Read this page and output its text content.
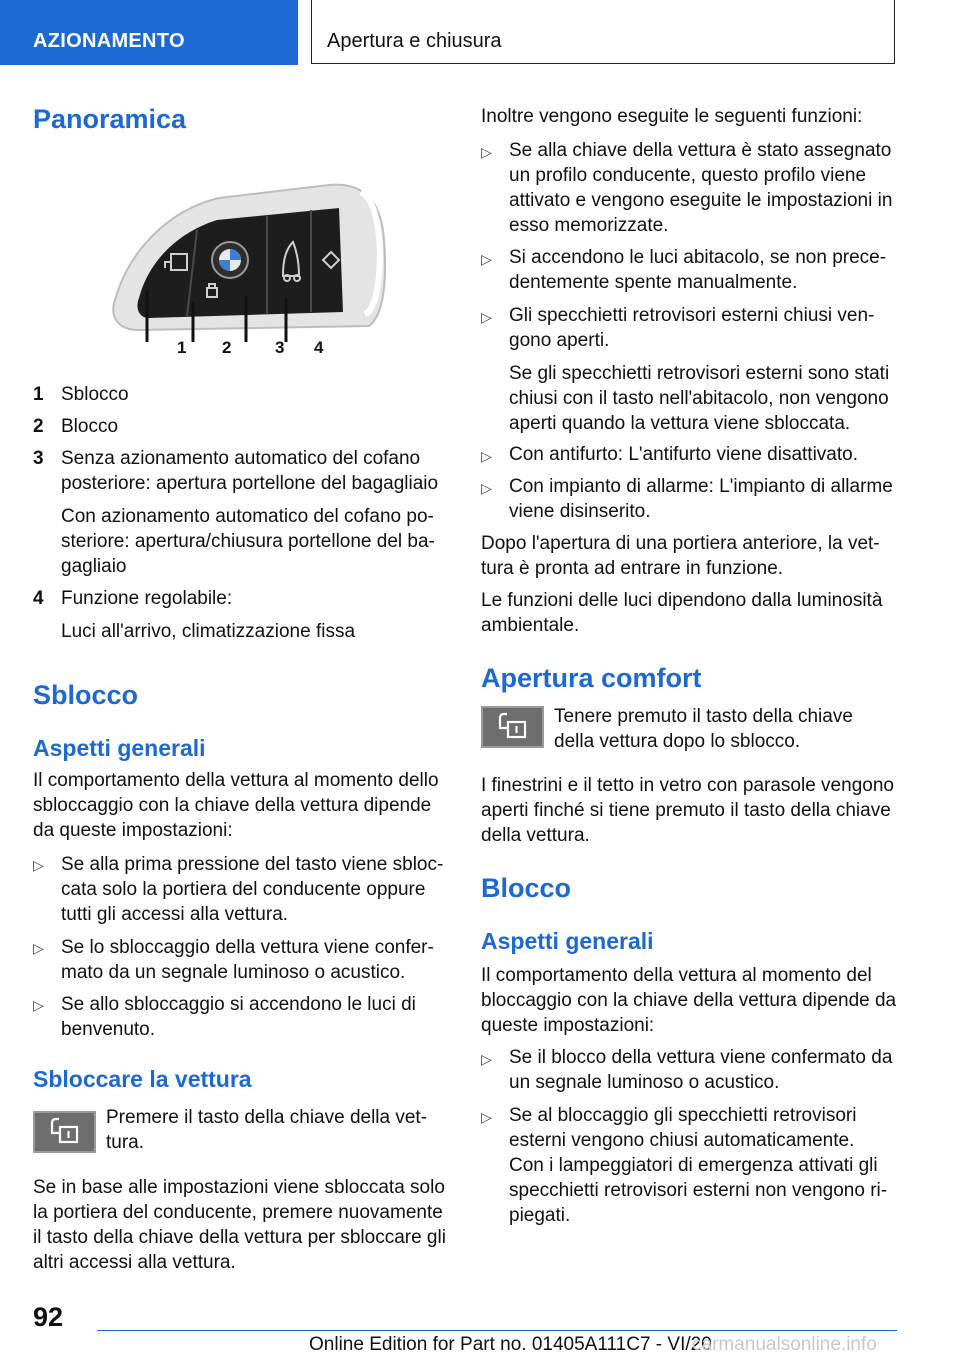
AZIONAMENTO	Apertura e chiusura
Panoramica
1 2	3 4
1 Sblocco
2 Blocco
3 Senza azionamento automatico del cofano
posteriore: apertura portellone del bagagliaio
Con azionamento automatico del cofano po-
steriore: apertura/chiusura portellone del ba-
gagliaio
4 Funzione regolabile:
Luci all'arrivo, climatizzazione fissa
Sblocco
Aspetti generali

Il comportamento della vettura al momento dello
sbloccaggio con la chiave della vettura dipende
da queste impostazioni:

▷ Se alla prima pressione del tasto viene sbloc-
cata solo la portiera del conducente oppure
tutti gli accessi alla vettura.
▷ Se lo sbloccaggio della vettura viene confer-
mato da un segnale luminoso o acustico.
▷ Se allo sbloccaggio si accendono le luci di
benvenuto.
Sbloccare la vettura
Premere il tasto della chiave della vet-
tura.

Se in base alle impostazioni viene sbloccata solo
la portiera del conducente, premere nuovamente
il tasto della chiave della vettura per sbloccare gli
altri accessi alla vettura.

Inoltre vengono eseguite le seguenti funzioni:

▷ Se alla chiave della vettura è stato assegnato
un profilo conducente, questo profilo viene
attivato e vengono eseguite le impostazioni in
esso memorizzate.
▷ Si accendono le luci abitacolo, se non prece-
dentemente spente manualmente.
▷ Gli specchietti retrovisori esterni chiusi ven-
gono aperti.
Se gli specchietti retrovisori esterni sono stati
chiusi con il tasto nell'abitacolo, non vengono
aperti quando la vettura viene sbloccata.
▷ Con antifurto: L'antifurto viene disattivato.
▷ Con impianto di allarme: L'impianto di allarme
viene disinserito.

Dopo l'apertura di una portiera anteriore, la vet-
tura è pronta ad entrare in funzione.

Le funzioni delle luci dipendono dalla luminosità
ambientale.

Apertura comfort
Tenere premuto il tasto della chiave
della vettura dopo lo sblocco.

I finestrini e il tetto in vetro con parasole vengono
aperti finché si tiene premuto il tasto della chiave
della vettura.

Blocco
Aspetti generali

Il comportamento della vettura al momento del
bloccaggio con la chiave della vettura dipende da
queste impostazioni:

▷ Se il blocco della vettura viene confermato da
un segnale luminoso o acustico.
▷ Se al bloccaggio gli specchietti retrovisori
esterni vengono chiusi automaticamente.
Con i lampeggiatori di emergenza attivati gli
specchietti retrovisori esterni non vengono ri-
piegati.
92
Online Edition for Part no. 01405A111C7 - VI/20
carmanualsonline.info
